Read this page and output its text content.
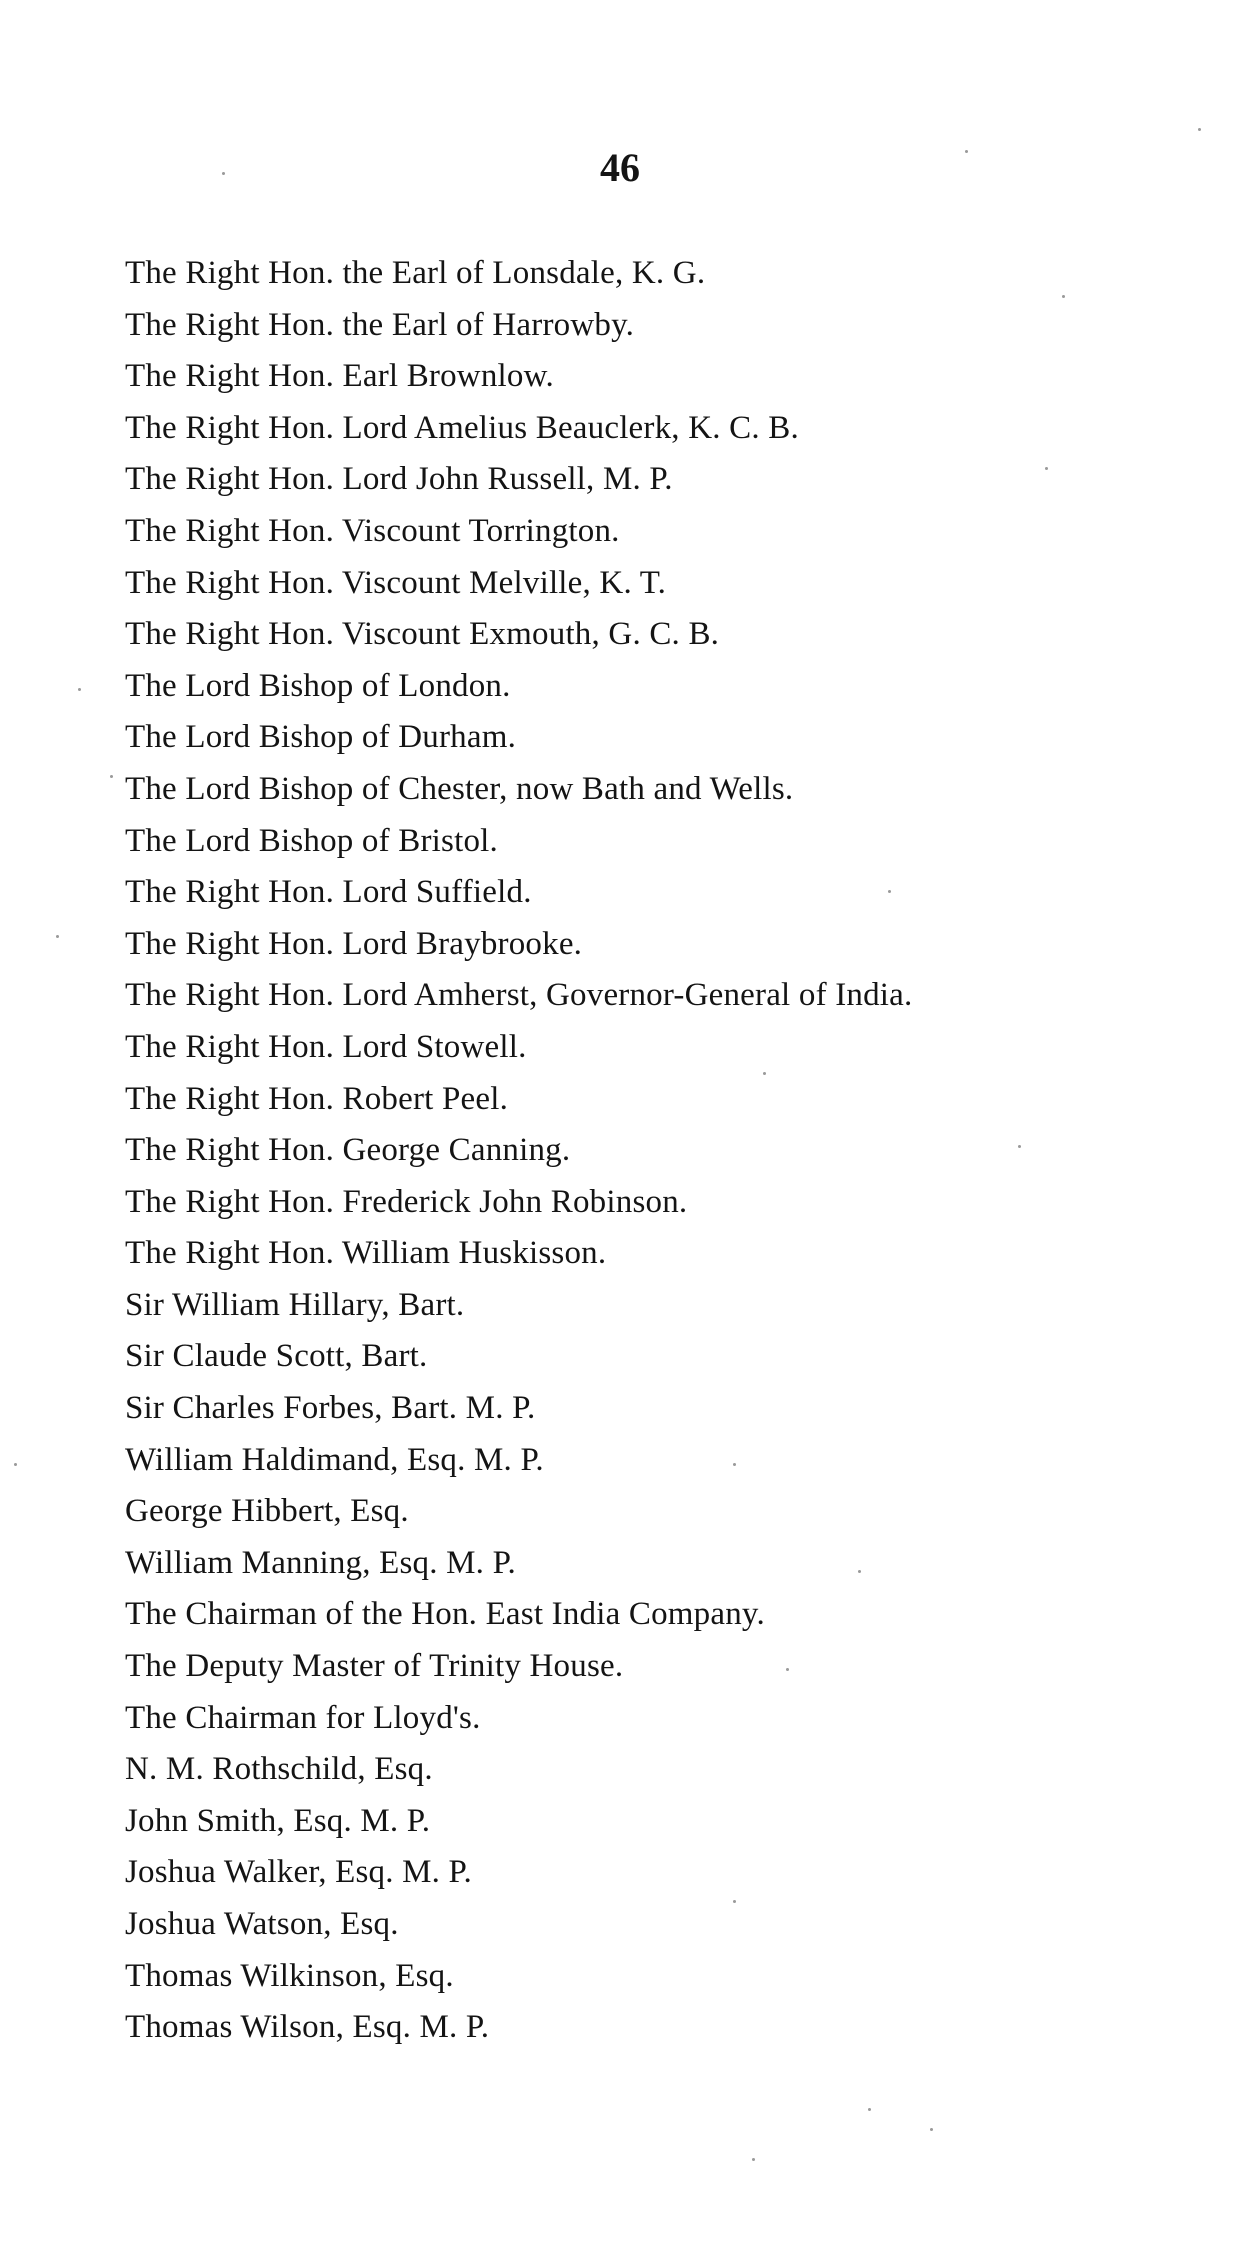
46
The Right Hon. the Earl of Lonsdale, K. G.
The Right Hon. the Earl of Harrowby.
The Right Hon. Earl Brownlow.
The Right Hon. Lord Amelius Beauclerk, K. C. B.
The Right Hon. Lord John Russell, M. P.
The Right Hon. Viscount Torrington.
The Right Hon. Viscount Melville, K. T.
The Right Hon. Viscount Exmouth, G. C. B.
The Lord Bishop of London.
The Lord Bishop of Durham.
The Lord Bishop of Chester, now Bath and Wells.
The Lord Bishop of Bristol.
The Right Hon. Lord Suffield.
The Right Hon. Lord Braybrooke.
The Right Hon. Lord Amherst, Governor-General of India.
The Right Hon. Lord Stowell.
The Right Hon. Robert Peel.
The Right Hon. George Canning.
The Right Hon. Frederick John Robinson.
The Right Hon. William Huskisson.
Sir William Hillary, Bart.
Sir Claude Scott, Bart.
Sir Charles Forbes, Bart. M. P.
William Haldimand, Esq. M. P.
George Hibbert, Esq.
William Manning, Esq. M. P.
The Chairman of the Hon. East India Company.
The Deputy Master of Trinity House.
The Chairman for Lloyd's.
N. M. Rothschild, Esq.
John Smith, Esq. M. P.
Joshua Walker, Esq. M. P.
Joshua Watson, Esq.
Thomas Wilkinson, Esq.
Thomas Wilson, Esq. M. P.
